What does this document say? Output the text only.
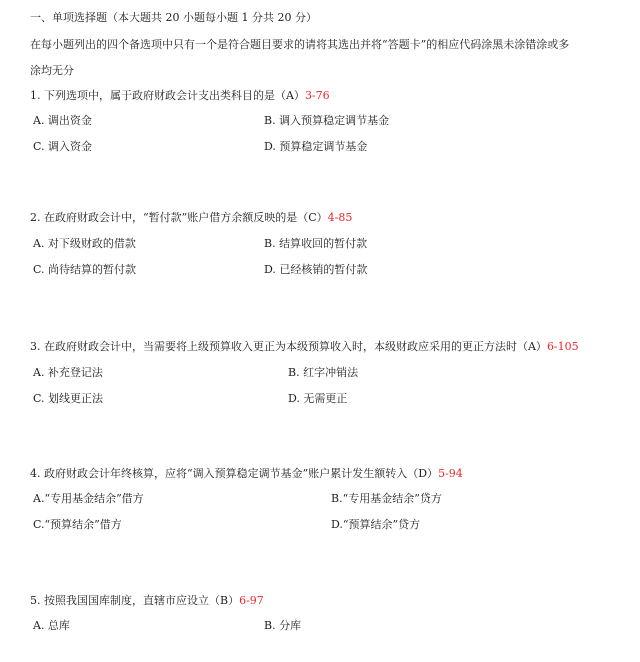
一、单项选择题（本大题共 20 小题每小题 1 分共 20 分）
在每小题列出的四个备选项中只有一个是符合题目要求的请将其选出并将“答题卡”的相应代码涂黑未涂错涂或多
涂均无分
1. 下列选项中，属于政府财政会计支出类科目的是（A）3-76
A. 调出资金	B. 调入预算稳定调节基金
C. 调入资金	D. 预算稳定调节基金
2. 在政府财政会计中，“暂付款”账户借方余额反映的是（C）4-85
A. 对下级财政的借款	B. 结算收回的暂付款
C. 尚待结算的暂付款	D. 已经核销的暂付款
3. 在政府财政会计中，当需要将上级预算收入更正为本级预算收入时，本级财政应采用的更正方法时（A）6-105
A. 补充登记法	B. 红字冲销法
C. 划线更正法	D. 无需更正
4. 政府财政会计年终核算，应将“调入预算稳定调节基金”账户累计发生额转入（D）5-94
A.“专用基金结余”借方	B.“专用基金结余”贷方
C.“预算结余”借方	D.“预算结余”贷方
5. 按照我国国库制度，直辖市应设立（B）6-97
A. 总库	B. 分库
